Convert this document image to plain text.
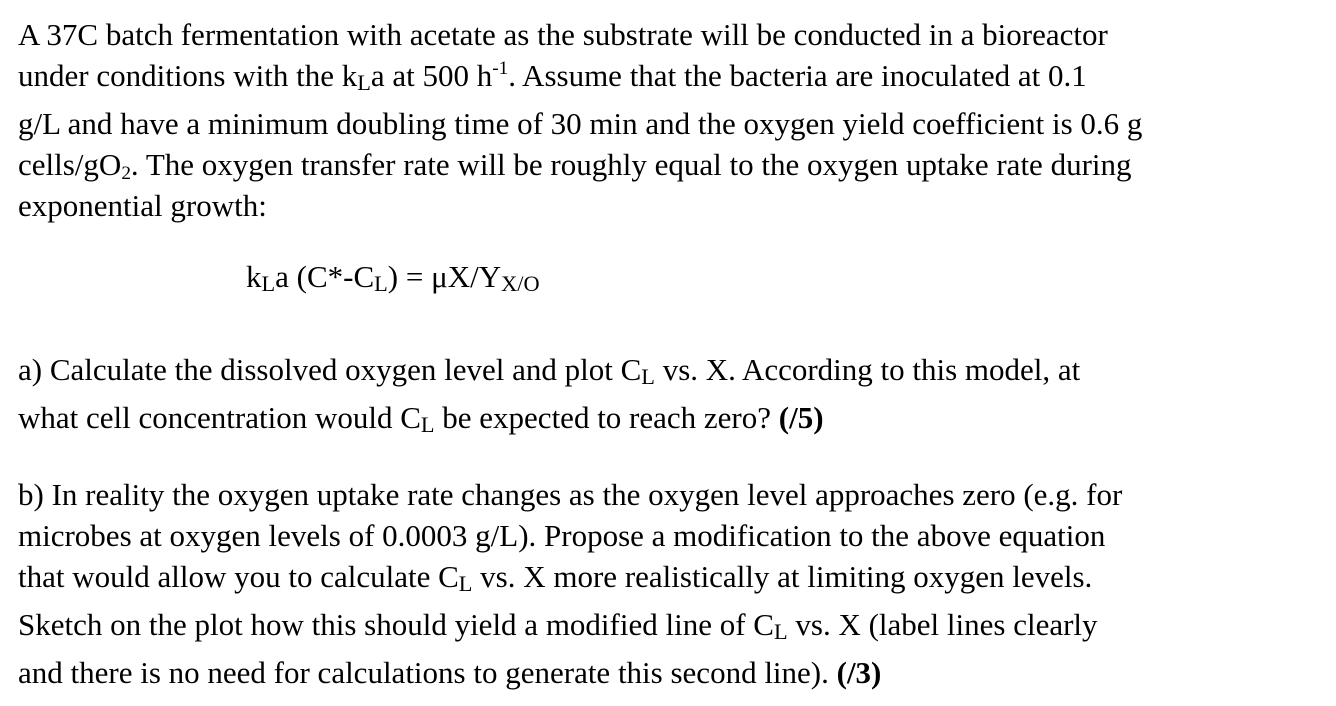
A 37C batch fermentation with acetate as the substrate will be conducted in a bioreactor
under conditions with the kLa at 500 $h^{-1}$. Assume that the bacteria are inoculated at 0.1
g/L and have a minimum doubling time of 30 min and the oxygen yield coefficient is 0.6 g
cells/$gO_2$. The oxygen transfer rate will be roughly equal to the oxygen uptake rate during
exponential growth:
kLa (C*-CL) = μX/YX/O
a) Calculate the dissolved oxygen level and plot CL vs. X. According to this model, at
what cell concentration would CL be expected to reach zero? (/5)
b) In reality the oxygen uptake rate changes as the oxygen level approaches zero (e.g. for
microbes at oxygen levels of 0.0003 g/L). Propose a modification to the above equation
that would allow you to calculate CL vs. X more realistically at limiting oxygen levels.
Sketch on the plot how this should yield a modified line of CL vs. X (label lines clearly
and there is no need for calculations to generate this second line). (/3)
